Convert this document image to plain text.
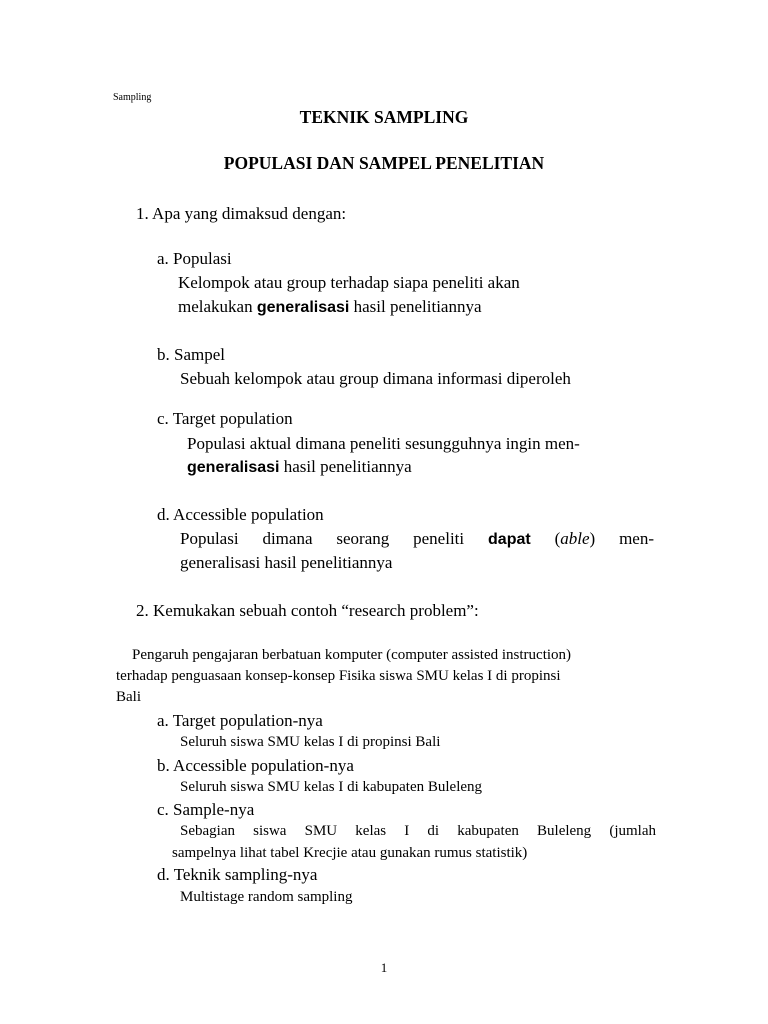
Sampling
TEKNIK SAMPLING
POPULASI DAN SAMPEL PENELITIAN
1. Apa yang dimaksud dengan:
a. Populasi
Kelompok atau group terhadap siapa peneliti akan
melakukan generalisasi hasil penelitiannya
b. Sampel
Sebuah kelompok atau group dimana informasi diperoleh
c. Target population
Populasi aktual dimana peneliti sesungguhnya ingin men-
generalisasi hasil penelitiannya
d. Accessible population
Populasi dimana seorang peneliti dapat (able) men-
generalisasi hasil penelitiannya
2. Kemukakan sebuah contoh “research problem”:
Pengaruh pengajaran berbatuan komputer (computer assisted instruction)
terhadap penguasaan konsep-konsep Fisika siswa SMU kelas I di propinsi
Bali
a. Target population-nya
Seluruh siswa SMU kelas I di propinsi Bali
b. Accessible population-nya
Seluruh siswa SMU kelas I di kabupaten Buleleng
c. Sample-nya
Sebagian siswa SMU kelas I di kabupaten Buleleng (jumlah
sampelnya lihat tabel Krecjie atau gunakan rumus statistik)
d. Teknik sampling-nya
Multistage random sampling
1
